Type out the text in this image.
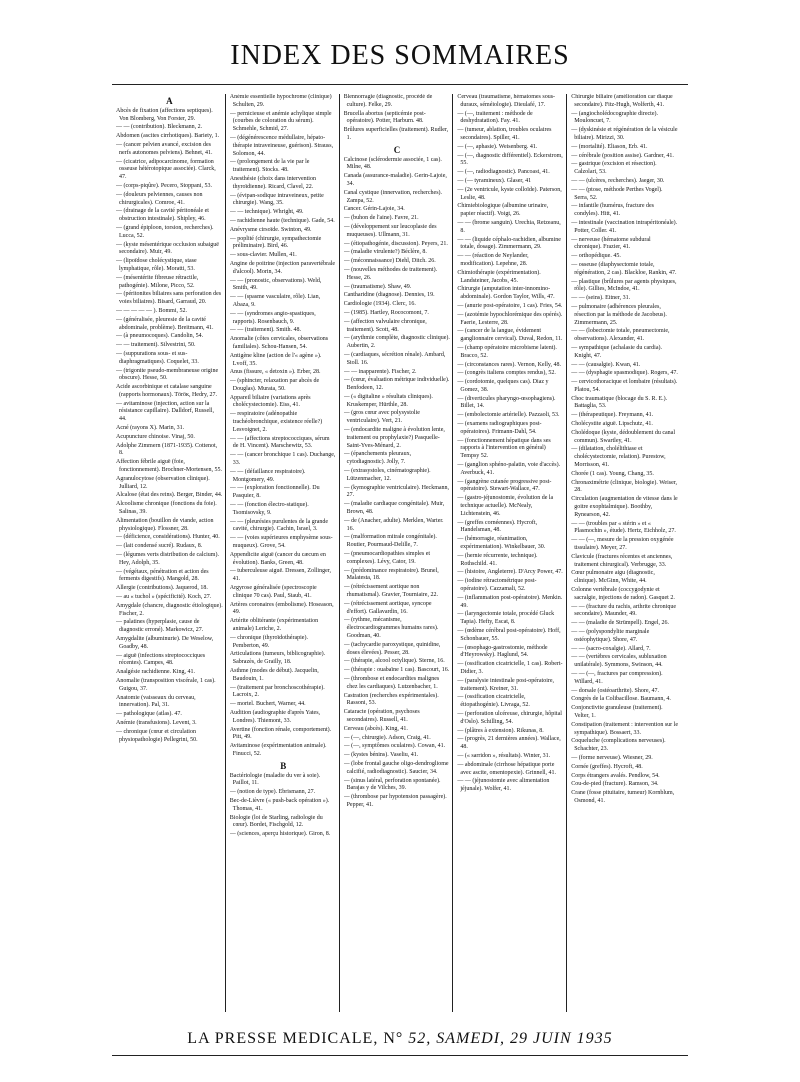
INDEX DES SOMMAIRES
A
Abcès de fixation (affections septiques). Von Blomberg, Von Forster, 29.
— — (contribution). Bleckmann, 2.
Abdomen (ascites cirrhotiques). Bariety, 1.
— (cancer pelvien avancé, excision des nerfs autonomes pelviens). Behnet, 41.
— (cicatrice, adipocarcinome, formation osseuse hétérotopique associée). Clarck, 47.
— (corps-piqûre). Pecero, Stoppani, 53.
— (douleurs pelviennes, causes non chirurgicales). Comroe, 41.
— (drainage de la cavité péritonéale et obstruction intestinale). Shipley, 46.
— (grand épiploon, torsion, recherches). Lucca, 52.
— (kyste mésentérique occlusion subaiguë secondaire). Muir, 49.
— (lipoïdose cholécystique, stase lymphatique, rôle). Moratti, 53.
— (mésentérite fibreuse rétractile, pathogénie). Milone, Picco, 52.
— (péritonites biliaires sans perforation des voies biliaires). Bisard, Garraud, 20.
— — — — — ). Bommi, 52.
— (généralisée, pleuresie de la cavité abdominale, problème). Breitmann, 41.
— (à pneumocoques). Candolin, 54.
— — traitement). Silvestrini, 50.
— (suppurations sous- et sus-diaphragmatiques). Coquelet, 33.
— (trigonite pseudo-membraneuse origine obscure). Hesse, 50.
Acide ascorbinique et catalase sanguine (rapports hormonaux). Töröк, Hedry, 27.
— avitaminose (injection, action sur la résistance capillaire). Dalldorf, Russell, 44.
Acné (rayons X). Marin, 31.
Acupuncture chinoise. Vinaj, 50.
Adolphe Zimmern (1871-1935). Cottenot, 8.
Affection fébrile aiguë (foie, fonctionnement). Brochner-Mortensen, 55.
Agranulocytose (observation clinique). Julliard, 12.
Alcalose (état des reins). Berger, Binder, 44.
Alcoolisme chronique (fonctions du foie). Salinas, 39.
Alimentation (bouillon de viande, action physiologique). Flossner, 28.
— (déficience, considérations). Hunter, 40.
— (lait condensé sucré). Rudaux, 8.
— (légumes verts distribution de calcium). Hey, Adolph, 35.
— (végétaux, pénétration et action des ferments digestifs). Mangold, 28.
Allergie (contributions). Jaquerod, 18.
— au « tuchol » (spécificité). Koch, 27.
Amygdale (chancre, diagnostic étiologique). Fischer, 2.
— palatines (hyperplasie, cause de diagnostic erroné). Markowicz, 27.
Amygdalite (albuminurie). De Weselow, Goadby, 48.
— aiguë (infections streptococciques récentes). Campes, 48.
Analgésie rachidienne. King, 41.
Anomalie (transposition viscérale, 1 cas). Guigou, 37.
Anatomie (vaisseaux du cerveau, innervation). Pal, 31.
— pathologique (atlas). 47.
Anémie (transfusions). Levent, 3.
— chronique (cœur et circulation physiopathologie) Pellegrini, 50.
Anémie essentielle hypochrome (clinique) Schulten, 29.
— pernicieuse et anémie achylique simple (courbes de coloration du sérum). Schmehle, Schmid, 27.
— (dégénérescence médullaire, hépato-thérapie intraveineuse, guérison). Strauss, Solomon, 44.
— (prolongement de la vie par le traitement). Stocks. 48.
Anesthésie (choix dans intervention thyroïdienne). Ricard, Clavel, 22.
— (évipan-sodique intraveineux, petite chirurgie). Wang, 35.
— — technique). Whright, 49.
— rachidienne haute (technique). Gade, 54.
Anévrysme cirsoïde. Swinton, 49.
— poplité (chirurgie, sympathectomie préliminaire). Bird, 46.
— sous-clavier. Mullen, 41.
Angine de poitrine (injection paravertébrale d'alcool). Morin, 34.
— — (pronostic, observations). Weld, Smith, 49.
— — (spasme vasculaire, rôle). Lian, Abaza, 9.
— — (syndromes angio-spastiques, rapports). Rosenbauch, 9.
— — (traitement). Smith. 48.
Anomalie (côtes cervicales, observations familiales). Schou-Hansen, 54.
Antigène kline (action de l'« agène »). Lvoff, 35.
Anus (fissure, « detoxin »). Erber, 28.
— (sphincter, relaxation par abcès de Douglas). Murata, 50.
Appareil biliaire (variations après cholécystectomie). Eiss, 41.
— respiratoire (adénopathie trachéobronchique, existence réelle?) Lesvoignet, 2.
— — (affections streptococciques, sérum de H. Vincent). Marschewitz, 53.
— — (cancer bronchique 1 cas). Duchange, 33.
— — (défaillance respiratoire). Montgomery, 49.
— — (exploration fonctionnelle). Du Pasquier, 8.
— — (fonction électro-statique). Tsomisovsky, 9.
— — (pleurésies purulentes de la grande cavité, chirurgie). Cachin, Israel, 3.
— — (voies supérieures emphysème sous-muqueux). Grove, 54.
Appendicite aiguë (cancer du cæcum en évolution). Banks, Green, 48.
— tuberculeuse aiguë. Dressen, Zollinger, 41.
Argyrose généralisée (spectroscopie clinique 70 cas). Paul, Staub, 41.
Artères coronaires (embolisme). Hoseason, 49.
Artérite oblitérante (expérimentation animale) Leriche, 2.
— chronique (thyroïdothérapie). Pemberton, 49.
Articulations (tumeurs, biblicographie). Sabrazès, de Grailly, 18.
Asthme (modes de début). Jacquelin, Baudouin, 1.
— (traitement par bronchoscothérapie). Lacroix, 2.
— mortel. Buchert, Warner, 44.
Audition (audiographie d'après Yates, Londres). Thiemont, 33.
Avertine (fonction rénale, comportement). Pitt, 49.
Avitaminose (expérimentation animale). Finucci, 52.
B
Bactériologie (maladie du ver à soie). Paillot, 11.
— (notion de type). Ebrismann, 27.
Bec-de-Lièvre (« push-back opération »). Thomas, 41.
Biologie (loi de Starling, radiologie du cœur). Bordet, Fischgold, 12.
— (sciences, aperçu historique). Giron, 8.
Blennorragie (diagnostic, procédé de culture). Felke, 29.
Brucella abortus (septicémie post-opératoire). Potter, Harburn. 48.
Brûlures superficielles (traitement). Rudler, 1.
C
Calcinose (sclérodermie associée, 1 cas). Milne, 48.
Canada (assurance-maladie). Gerin-Lajoie, 34.
Canal cystique (innervation, recherches). Zampa, 52.
Cancer. Gérin-Lajoie, 34.
— (buhon de l'aine). Favre, 21.
— (développement sur leucoplasie des muqueuses). Ullmann, 31.
— (étiopathogénie, discussion). Peyers, 21.
— (maladie virulente?) Béclère, 8.
— (méconnaissance) Diehl, Ditch. 26.
— (nouvelles méthodes de traitement). Hesse, 26.
— (traumatisme). Shaw, 49.
Cantharidine (diagnose). Dennies, 19.
Cardiologie (1934). Clerc, 16.
— (1985). Hartley, Rococomont, 7.
— (affection valvulaire chronique, traitement). Scott, 48.
— (arythmie complète, diagnostic clinique). Aubertin, 2.
— (cardiaques, sécrétion rénale). Ambard, Stoll. 16.
— — inapparente). Fischer, 2.
— (cœur, évaluation métrique individuelle). Benfodeen, 12.
— (« digitaline » résultats cliniques). Kruskemper, Hürthle, 28.
— (gros cœur avec polysystolie ventriculaire). Vert, 21.
— (endocardite maligne à évolution lente, traitement ou prophylaxie?) Pasquelle-Saint-Yves-Ménard, 2.
— (épanchements pleuraux, cytodiagnostic). Jolly, 7.
— (extrasystoles, cinématographie). Lützenmacher, 12.
— (kymographie ventriculaire). Heckmann, 27.
— (maladie cardiaque congénitale). Muir, Brown, 48.
— de (Anacher, adulte). Merklen, Warter. 16.
— (malformation mitrale congénitale). Routier, Pourmaud-Delille, 7.
— (pneumocardiopathies simples et complexes). Lévy, Cator, 19.
— (prédominance respiratoire). Brunel, Malatesta, 18.
— (rétrécissement aortique non rhumatismal). Gravier, Tourniaire, 22.
— (rétrécissement aortique, syncope d'effort). Gallavardin, 16.
— (rythme, mécanisme, électrocardiogrammes humains rares). Goodman, 40.
— (tachycardie paroxystique, quinidine, doses élevées). Pesser, 28.
— (thérapie, alcool octylique). Sterne, 16.
— (thérapie : ouabaïne 1 cas). Bascourt, 16.
— (thrombose et endocardites malignes chez les cardiaques). Lutzenbacher, 1.
Castration (recherches expérimentales). Rassoni, 53.
Cataracte (opération, psychoses secondaires). Russell, 41.
Cerveau (abcès). King, 41.
— (—, chirurgie). Adson, Craig, 41.
— (—, symptômes oculaires). Cowan, 41.
— (kystes bénins). Vaseliu, 41.
— (lobe frontal gauche oligo-dendrogliome calcifié, radiodiagnostic). Saucier, 34.
— (sinus latéral, perforation spontanée). Barajas y de Vilches, 39.
— (thrombose par hypotension passagère). Pepper, 41.
Cerveau (traumatisme, hématomes sous-duraux, séméiologie). Dieulafé, 17.
— (—, traitement : méthode de deshydratation). Fay. 41.
— (tumeur, ablation, troubles oculaires secondaires). Spiller, 41.
— (—, aphasie). Weisenberg. 41.
— (—, diagnostic différentiel). Eckerstrom, 55.
— (—, radiodiagnostic). Pancoast, 41.
— (— tyramineux). Glaser, 41
— (2e ventricule, kyste colloïde). Paterson, Leslie, 48.
Chimiebiologique (albumine urinaire, papier réactif). Voigt, 26.
— — (brome sanguin). Urechia, Retzeanu, 8.
— — (liquide céphalo-rachidien, albumine totale, dosage). Zimmermann, 29.
— — (réaction de Neylander, modification). Lepehne, 28.
Chimiothérapie (expérimentation). Landsteiner, Jacobs, 45.
Chirurgie (amputation inter-innomino-abdominale). Gordon Taylor, Wills, 47.
— (anurie post-opératoire, 1 cas). Fries, 54.
— (azotémie hypochlorémique des opérés). Faerie, Lesterre, 28.
— (cancer de la langue, évidement ganglionnaire cervical). Duval, Redon, 11.
— (champ opératoire microbisme latent). Bracco, 52.
— (circonstances rares). Vernon, Kelly, 48.
— (congrès italiens comptes rendus), 52.
— (cordotomie, quelques cas). Diaz y Gomez, 38.
— (diverticules pharyngo-œsophagiens). Billet, 14.
— (embolectomie artérielle). Pazzaoli, 53.
— (examens radiographiques post-opératoires). Frimann-Dahl, 54.
— (fonctionnement hépatique dans ses rapports à l'intervention en général) Tempsy 52.
— (ganglion sphéno-palatin, voie d'accès). Averbuck, 41.
— (gangrène cutanée progressive post-opératoire). Stewart-Wallace, 47.
— (gastro-jéjunostomie, évolution de la technique actuelle). McNealy, Lichtenstein, 46.
— (greffes cornéennes). Hycroft, Handelsman, 48.
— (hémorragie, réanimation, expérimentation). Winkelbauer, 30.
— (hernie récurrente, technique). Rothschild. 41.
— (histoire, Angleterre). D'Arcy Power, 47.
— (iodine rétractométrique post-opératoire). Cazzamali, 52.
— (inflammation post-opératoire). Menkin. 49.
— (laryngectomie totale, procédé Gluck Tapia). Hefty, Escat, 8.
— (œdème cérébral post-opératoire). Hoff, Schonbauer, 55.
— (œsophago-gastrostomie, méthode d'Heyrowsky). Haglund, 54.
— (ossification cicatricielle, 1 cas). Robert-Didier, 3.
— (paralysie intestinale post-opératoire, traitement). Kreiner, 31.
— (ossification cicatricielle, étiopathogénie). Livraga, 52.
— (perforation ulcéreuse, chirurgie, hôpital d'Oslo). Schilling, 54.
— (plâtres à extension). Rikunas, 8.
— (progrès, 21 dernières années). Wallace, 48.
— (« sarridon », résultats). Winter, 31.
— abdominale (cirrhose hépatique porte avec ascite, omentopexie). Grinnell, 41.
— — (jéjunostomie avec alimentation jéjunale). Wolfer, 41.
Chirurgie biliaire (amélioration car diaque secondaire). Fitz-Hugh, Wolferth, 41.
— (angiocholédocographie directe). Mouloncuet, 7.
— (dyskinésie et régénération de la vésicule biliaire). Mirizzi, 30.
— (mortalité). Eliason, Erb. 41.
— cérébrale (position assise). Gardner, 41.
— gastrique (excision et résection). Calzolari, 53.
— — (ulcères, recherches). Jaeger, 30.
— — (ptose, méthode Perthes Vogel). Serra, 52.
— infantile (humérus, fracture des condyles). Hitt, 41.
— intestinale (vaccination intrapéritonéale). Potter, Coller. 41.
— nerveuse (hématome subdural chronique). Frazier, 41.
— orthopédique. 45.
— osseuse (diaphysectomie totale, régénération, 2 cas). Blackloe, Rankin, 47.
— plastique (brûlures par agents physiques, rôle). Gillies, McIndoe, 41.
— — (seins). Eitner, 31.
— pulmonaire (adhérences pleurales, résection par la méthode de Jacobeus). Zimmermann, 25.
— — (lobectomie totale, pneumectomie, observations). Alexander, 41.
— sympathique (achalasie du cardia). Knight, 47.
— — (causalgie). Kwan, 41.
— — (dysphagie spasmodique). Rogers, 47.
— cervicothoracique et lombaire (résultats). Platou, 54.
Choc traumatique (blocage du S. R. E.). Battaglia, 53.
— (thérapeutique). Freymann, 41.
Cholécystite aiguë. Lipschutz, 41.
Cholédoque (kyste, dédoublement du canal commun). Swartley, 41.
— (dilatation, cholélithiase et cholécystectomie, relation). Purestow, Morrisson, 41.
Chorée (1 cas). Young, Chang, 35.
Chronaximétrie (clinique, biologie). Weiser, 28.
Circulation (augmentation de vitesse dans le goitre exophtalmique). Boothby, Rynearson, 42.
— — (troubles par « stérin » et « Plasmochin », étude). Hertz, Eichholz, 27.
— — (—, mesure de la pression oxygénée tissulaire). Meyer, 27.
Clavicule (fractures récentes et anciennes, traitement chirurgical). Verbrugge, 33.
Cœur pulmonaire aigu (diagnostic, clinique). McGinn, White, 44.
Colonne vertébrale (coccygodynie et sacralgie, injections de radon). Gasquet 2.
— — (fracture du rachis, arthrite chronique secondaire). Maunder, 49.
— — (maladie de Strümpell). Engel, 26.
— — (polyspondylite marginale ostéophytique). Shore, 47.
— — (sacro-coxalgie). Allard, 7.
— — (vertèbres cervicales, subluxation unilatérale). Symmons, Swinson, 44.
— — (—, fractures par compression). Willard, 41.
— dorsale (ostéoarthrite). Shore, 47.
Congrès de la Colibacillose. Baumann, 4.
Conjonctivite granuleuse (traitement). Velter, 1.
Constipation (traitement : intervention sur le sympathique). Bossaert, 33.
Coqueluche (complications nerveuses). Schachter, 23.
— (forme nerveuse). Wiesner, 29.
Cornée (greffes). Hycroft, 48.
Corps étrangers avalés. Pendlow, 54.
Cou-de-pied (fracture). Ramson, 34.
Crane (fosse pituitaire, tumeur) Kornblum, Osmond, 41.
LA PRESSE MEDICALE, N° 52, SAMEDI, 29 JUIN 1935
